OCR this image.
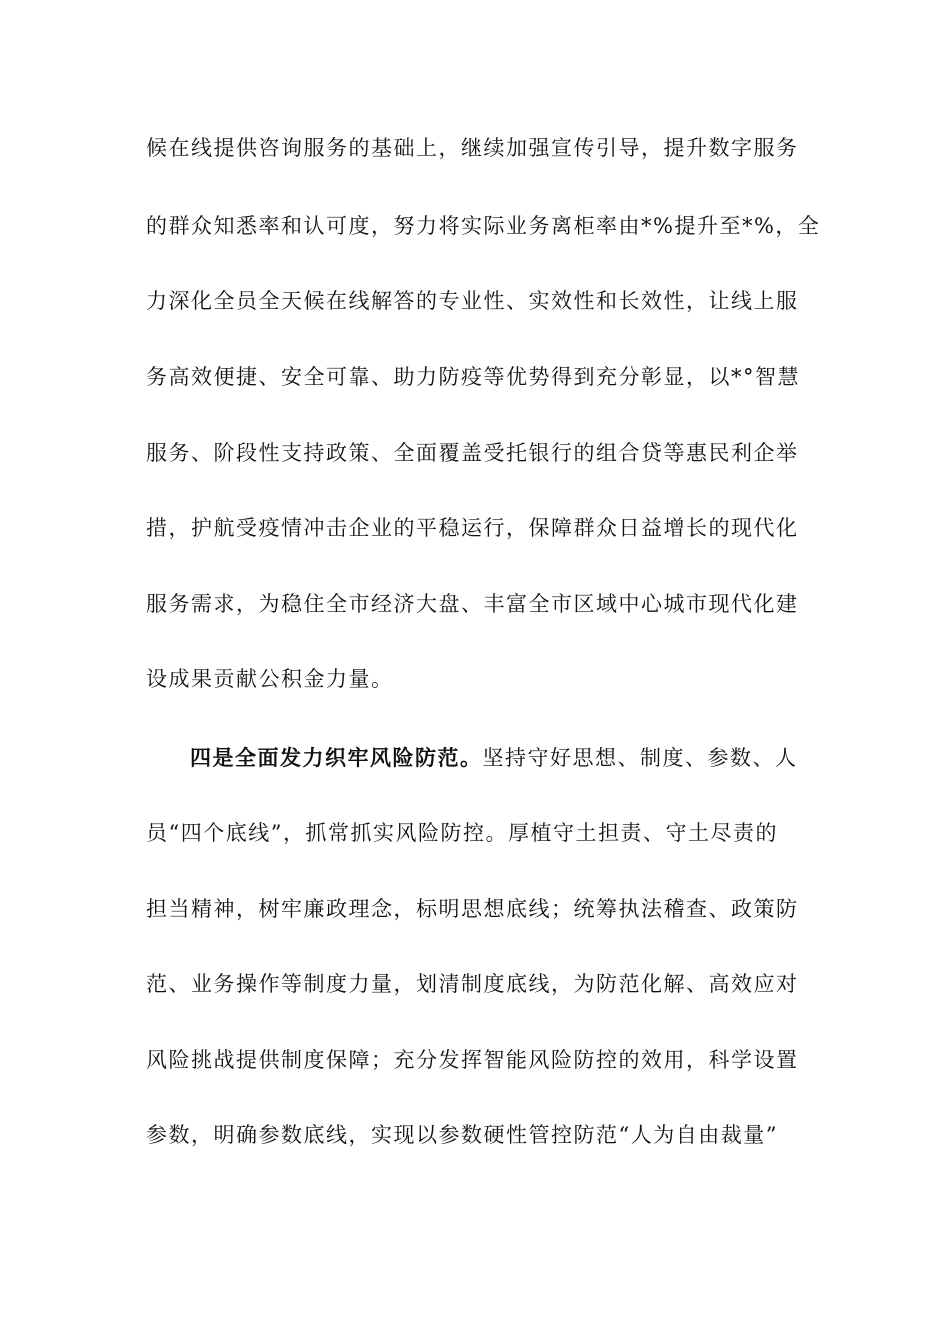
候在线提供咨询服务的基础上，继续加强宣传引导，提升数字服务
的群众知悉率和认可度，努力将实际业务离柜率由*%提升至*%，全
力深化全员全天候在线解答的专业性、实效性和长效性，让线上服
务高效便捷、安全可靠、助力防疫等优势得到充分彰显，以*°智慧
服务、阶段性支持政策、全面覆盖受托银行的组合贷等惠民利企举
措，护航受疫情冲击企业的平稳运行，保障群众日益增长的现代化
服务需求，为稳住全市经济大盘、丰富全市区域中心城市现代化建
设成果贡献公积金力量。
四是全面发力织牢风险防范。坚持守好思想、制度、参数、人
员“四个底线”，抓常抓实风险防控。厚植守土担责、守土尽责的
担当精神，树牢廉政理念，标明思想底线；统筹执法稽查、政策防
范、业务操作等制度力量，划清制度底线，为防范化解、高效应对
风险挑战提供制度保障；充分发挥智能风险防控的效用，科学设置
参数，明确参数底线，实现以参数硬性管控防范“人为自由裁量”
